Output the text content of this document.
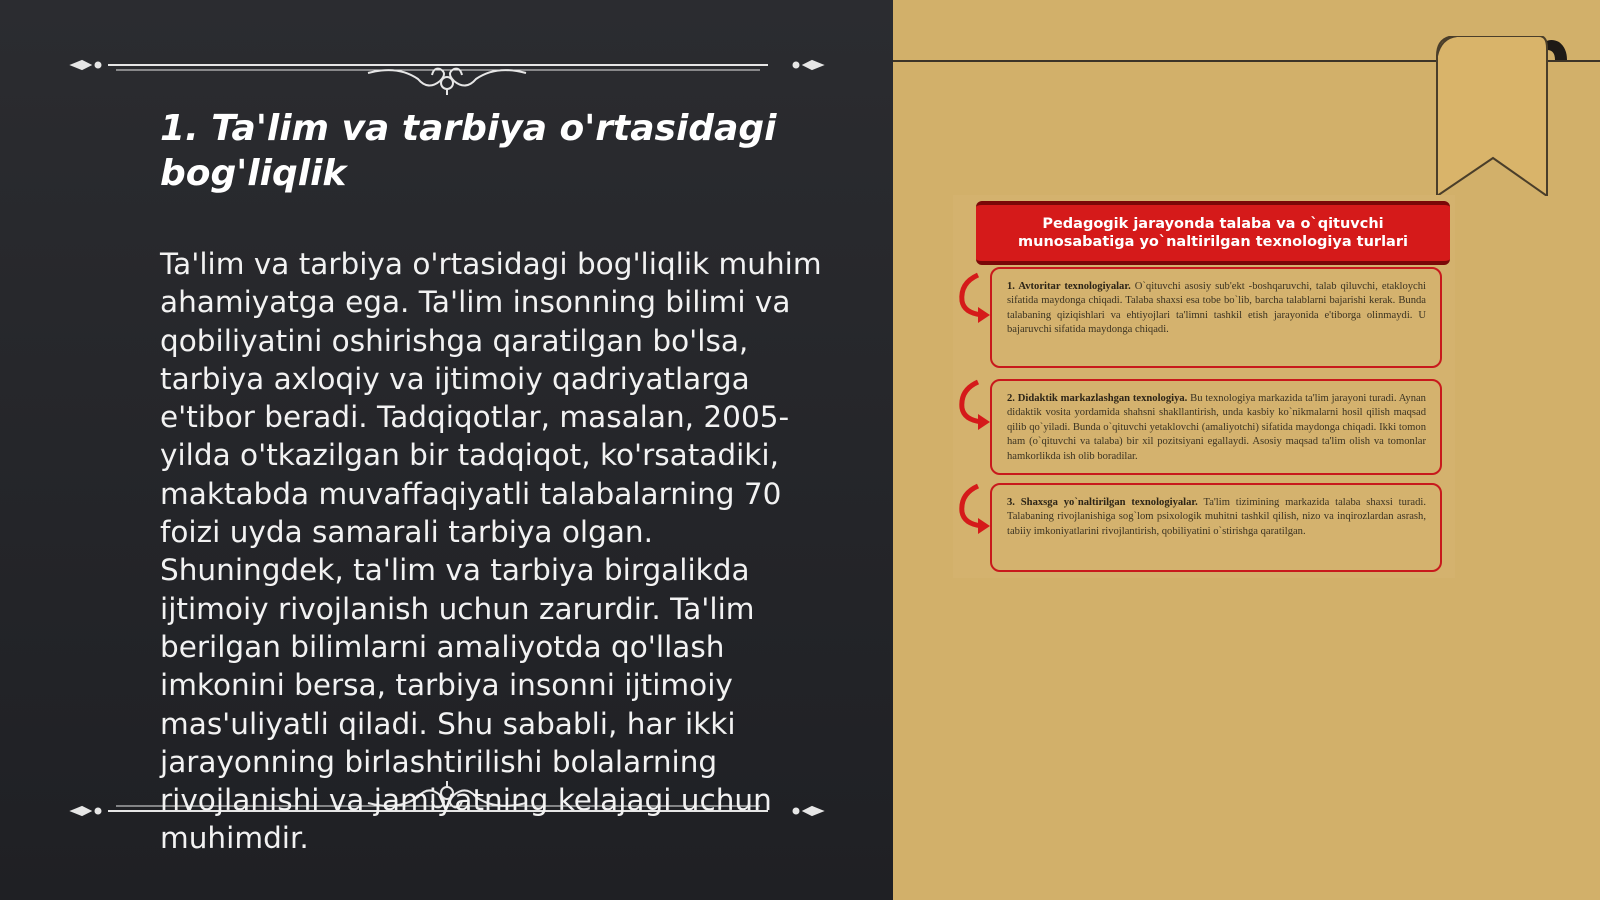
1. Ta'lim va tarbiya o'rtasidagi bog'liqlik

Ta'lim va tarbiya o'rtasidagi bog'liqlik muhim ahamiyatga ega. Ta'lim insonning bilimi va qobiliyatini oshirishga qaratilgan bo'lsa, tarbiya axloqiy va ijtimoiy qadriyatlarga e'tibor beradi. Tadqiqotlar, masalan, 2005-yilda o'tkazilgan bir tadqiqot, ko'rsatadiki, maktabda muvaffaqiyatli talabalarning 70 foizi uyda samarali tarbiya olgan. Shuningdek, ta'lim va tarbiya birgalikda ijtimoiy rivojlanish uchun zarurdir. Ta'lim berilgan bilimlarni amaliyotda qo'llash imkonini bersa, tarbiya insonni ijtimoiy mas'uliyatli qiladi. Shu sababli, har ikki jarayonning birlashtirilishi bolalarning rivojlanishi va jamiyatning kelajagi uchun muhimdir.

Pedagogik jarayonda talaba va o`qituvchi
munosabatiga yo`naltirilgan texnologiya turlari
1. Avtoritar texnologiyalar. O`qituvchi asosiy sub'ekt -boshqaruvchi, talab qiluvchi, etakloychi sifatida maydonga chiqadi. Talaba shaxsi esa tobe bo`lib, barcha talablarni bajarishi kerak. Bunda talabaning qiziqishlari va ehtiyojlari ta'limni tashkil etish jarayonida e'tiborga olinmaydi. U bajaruvchi sifatida maydonga chiqadi.
2. Didaktik markazlashgan texnologiya. Bu texnologiya markazida ta'lim jarayoni turadi. Aynan didaktik vosita yordamida shahsni shakllantirish, unda kasbiy ko`nikmalarni hosil qilish maqsad qilib qo`yiladi. Bunda o`qituvchi yetaklovchi (amaliyotchi) sifatida maydonga chiqadi. Ikki tomon ham (o`qituvchi va talaba) bir xil pozitsiyani egallaydi. Asosiy maqsad ta'lim olish va tomonlar hamkorlikda ish olib boradilar.
3. Shaxsga yo`naltirilgan texnologiyalar. Ta'lim tizimining markazida talaba shaxsi turadi. Talabaning rivojlanishiga sog`lom psixologik muhitni tashkil qilish, nizo va inqirozlardan asrash, tabiiy imkoniyatlarini rivojlantirish, qobiliyatini o`stirishga qaratilgan.
